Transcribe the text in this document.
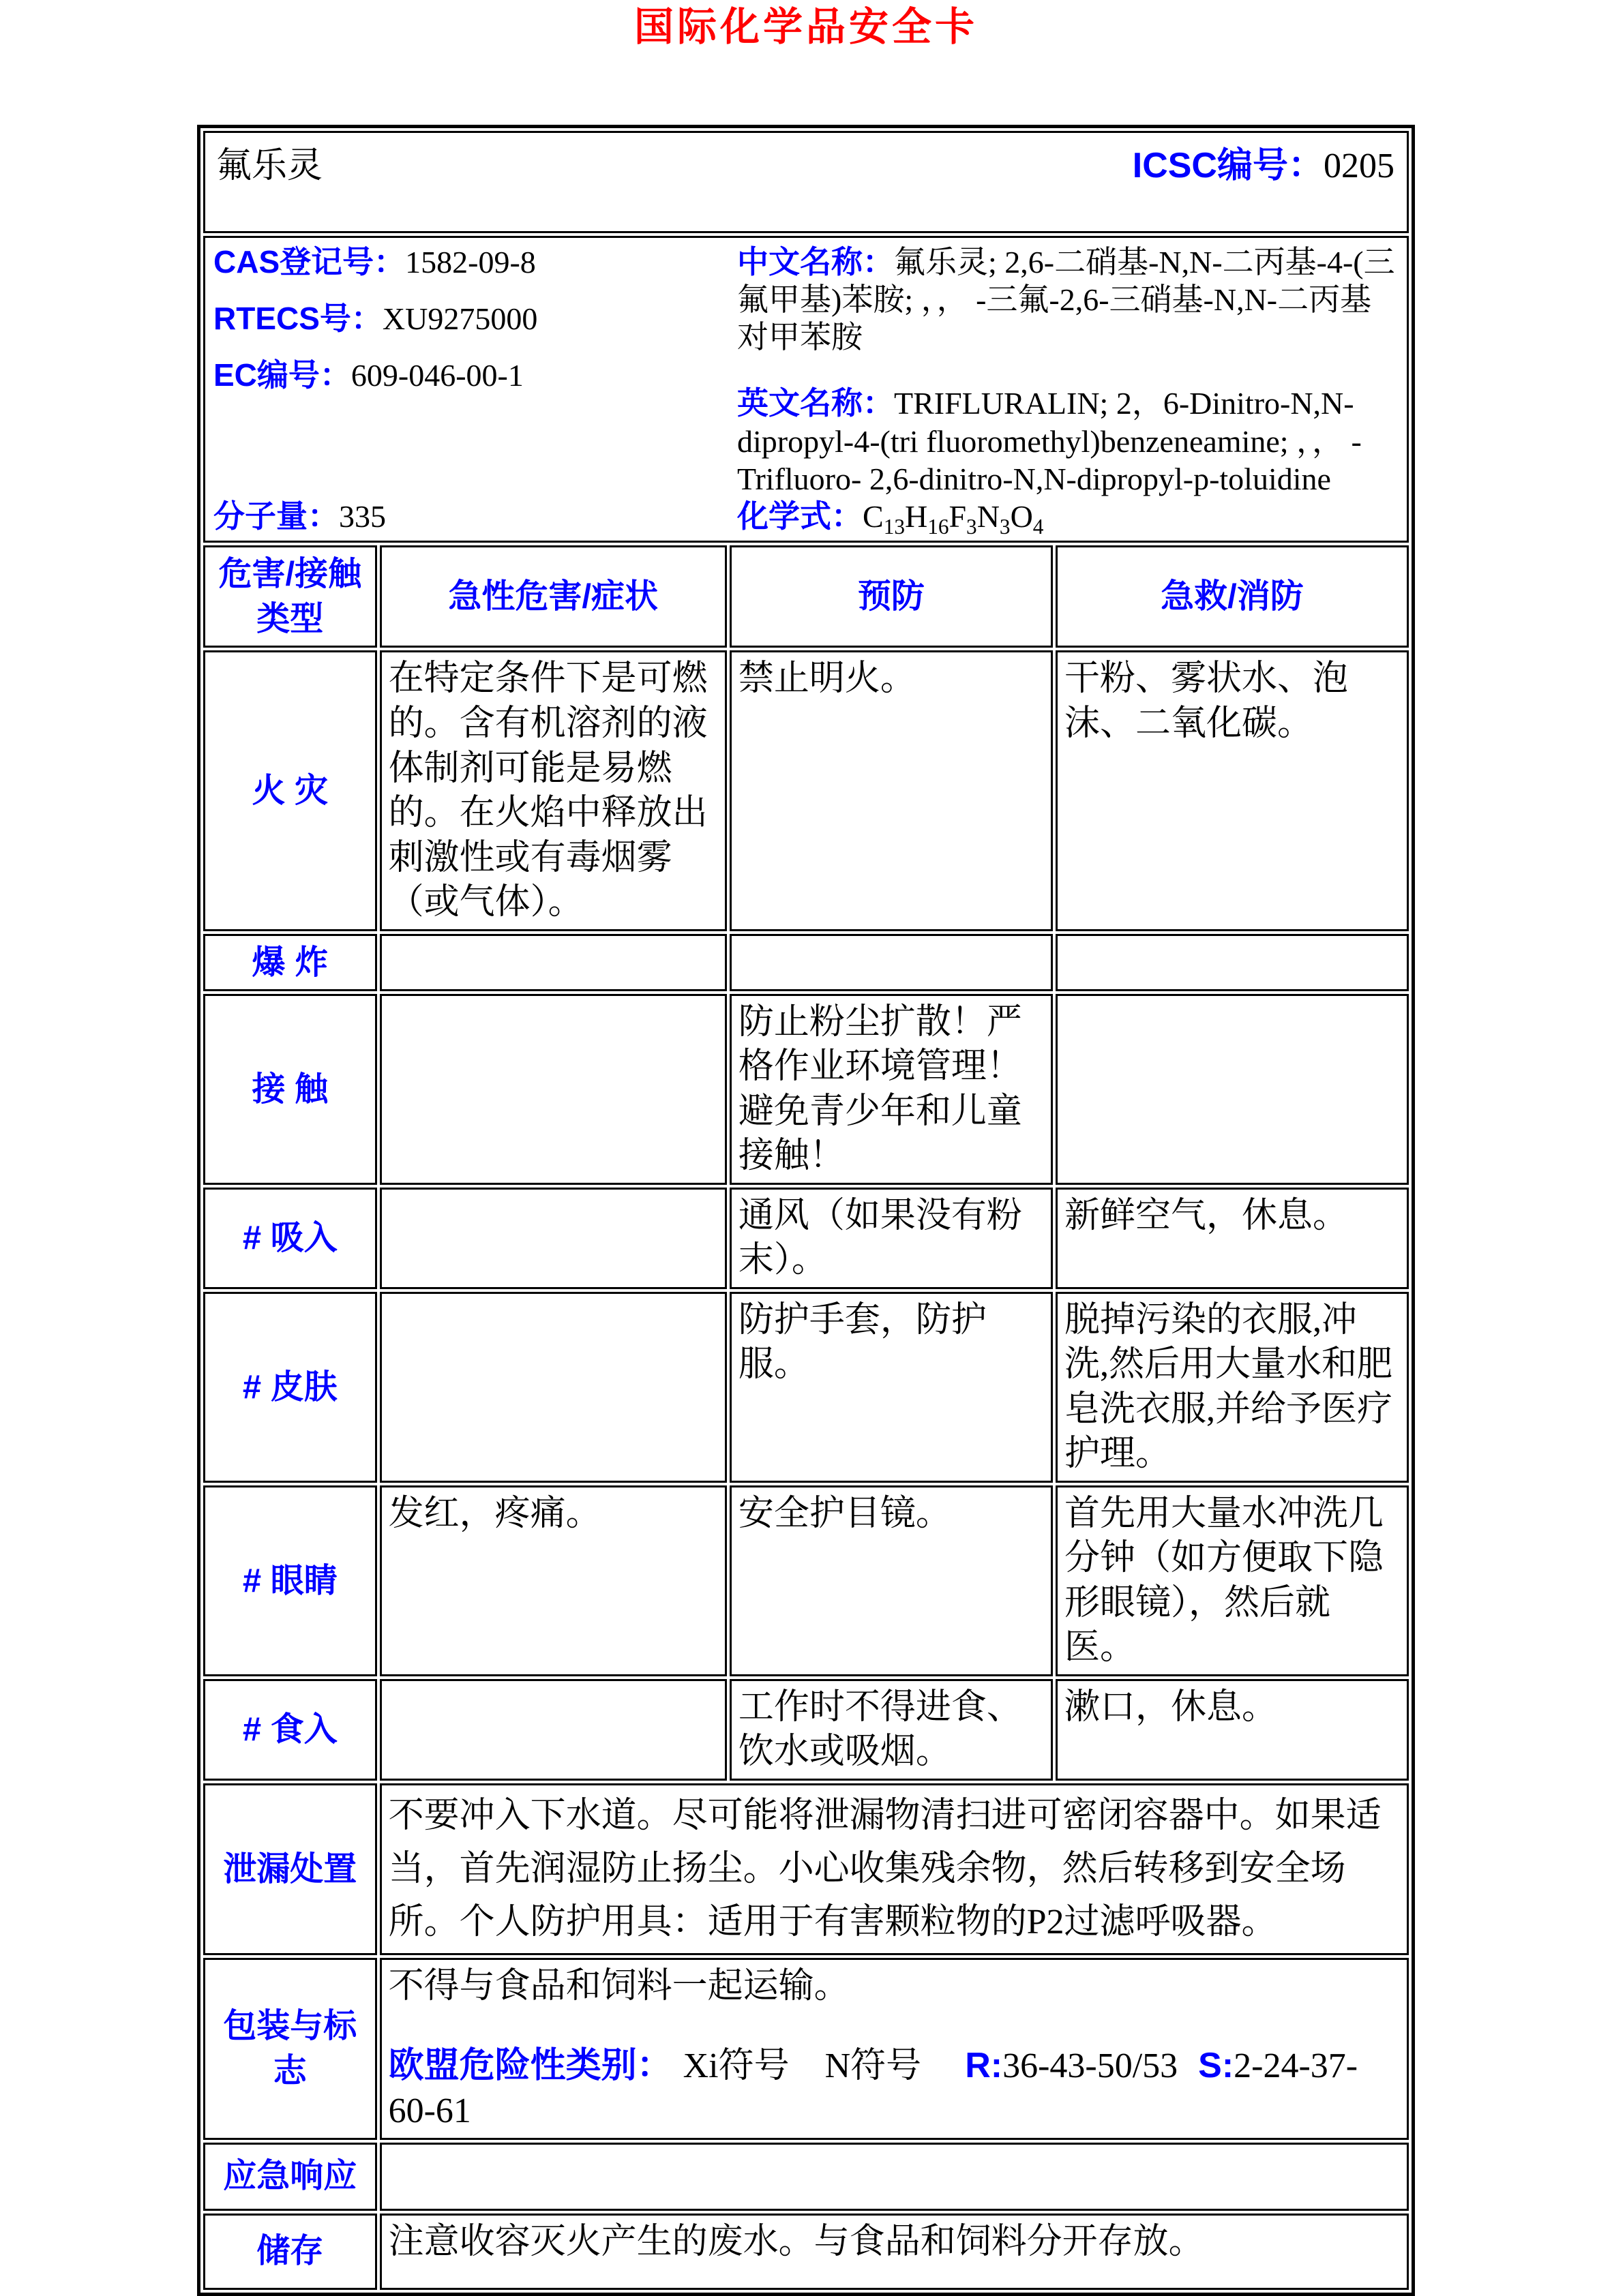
国际化学品安全卡
氟乐灵 ICSC编号：0205			

CAS登记号：1582-09-8
RTECS号：XU9275000
EC编号：609-046-00-1
分子量：335

中文名称：氟乐灵; 2,6-二硝基-N,N-二丙基-4-(三氟甲基)苯胺; ，， -三氟-2,6-三硝基-N,N-二丙基对甲苯胺

英文名称：TRIFLURALIN; 2，6-Dinitro-N,N-dipropyl-4-(tri fluoromethyl)benzeneamine; ，， -Trifluoro- 2,6-dinitro-N,N-dipropyl-p-toluidine

化学式：$C_{13}H_{16}F_3N_3O_4$

危害/接触类型	急性危害/症状	预防	急救/消防
火 灾	在特定条件下是可燃的。含有机溶剂的液体制剂可能是易燃的。在火焰中释放出刺激性或有毒烟雾（或气体）。	禁止明火。	干粉、雾状水、泡沫、二氧化碳。
爆 炸			
接 触		防止粉尘扩散！严格作业环境管理！避免青少年和儿童接触！	
# 吸入		通风（如果没有粉末）。	新鲜空气，休息。
# 皮肤		防护手套，防护服。	脱掉污染的衣服,冲洗,然后用大量水和肥皂洗衣服,并给予医疗护理。
# 眼睛	发红，疼痛。	安全护目镜。	首先用大量水冲洗几分钟（如方便取下隐形眼镜），然后就医。
# 食入		工作时不得进食、饮水或吸烟。	漱口，休息。
泄漏处置	不要冲入下水道。尽可能将泄漏物清扫进可密闭容器中。如果适当，首先润湿防止扬尘。小心收集残余物，然后转移到安全场所。个人防护用具：适用于有害颗粒物的P2过滤呼吸器。		
包装与标志	不得与食品和饲料一起运输。

欧盟危险性类别： Xi符号　N符号 R:36-43-50/53 S:2-24-37-60-61		

应急响应			
储存	注意收容灭火产生的废水。与食品和饲料分开存放。		
